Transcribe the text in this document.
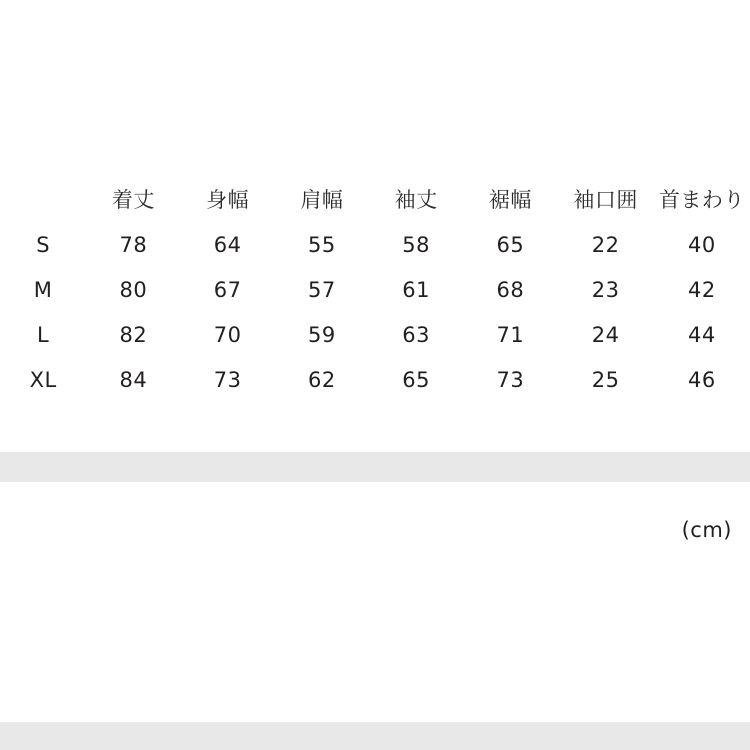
	着丈	身幅	肩幅	袖丈	裾幅	袖口囲	首まわり
S	78	64	55	58	65	22	40
M	80	67	57	61	68	23	42
L	82	70	59	63	71	24	44
XL	84	73	62	65	73	25	46
(cm)
